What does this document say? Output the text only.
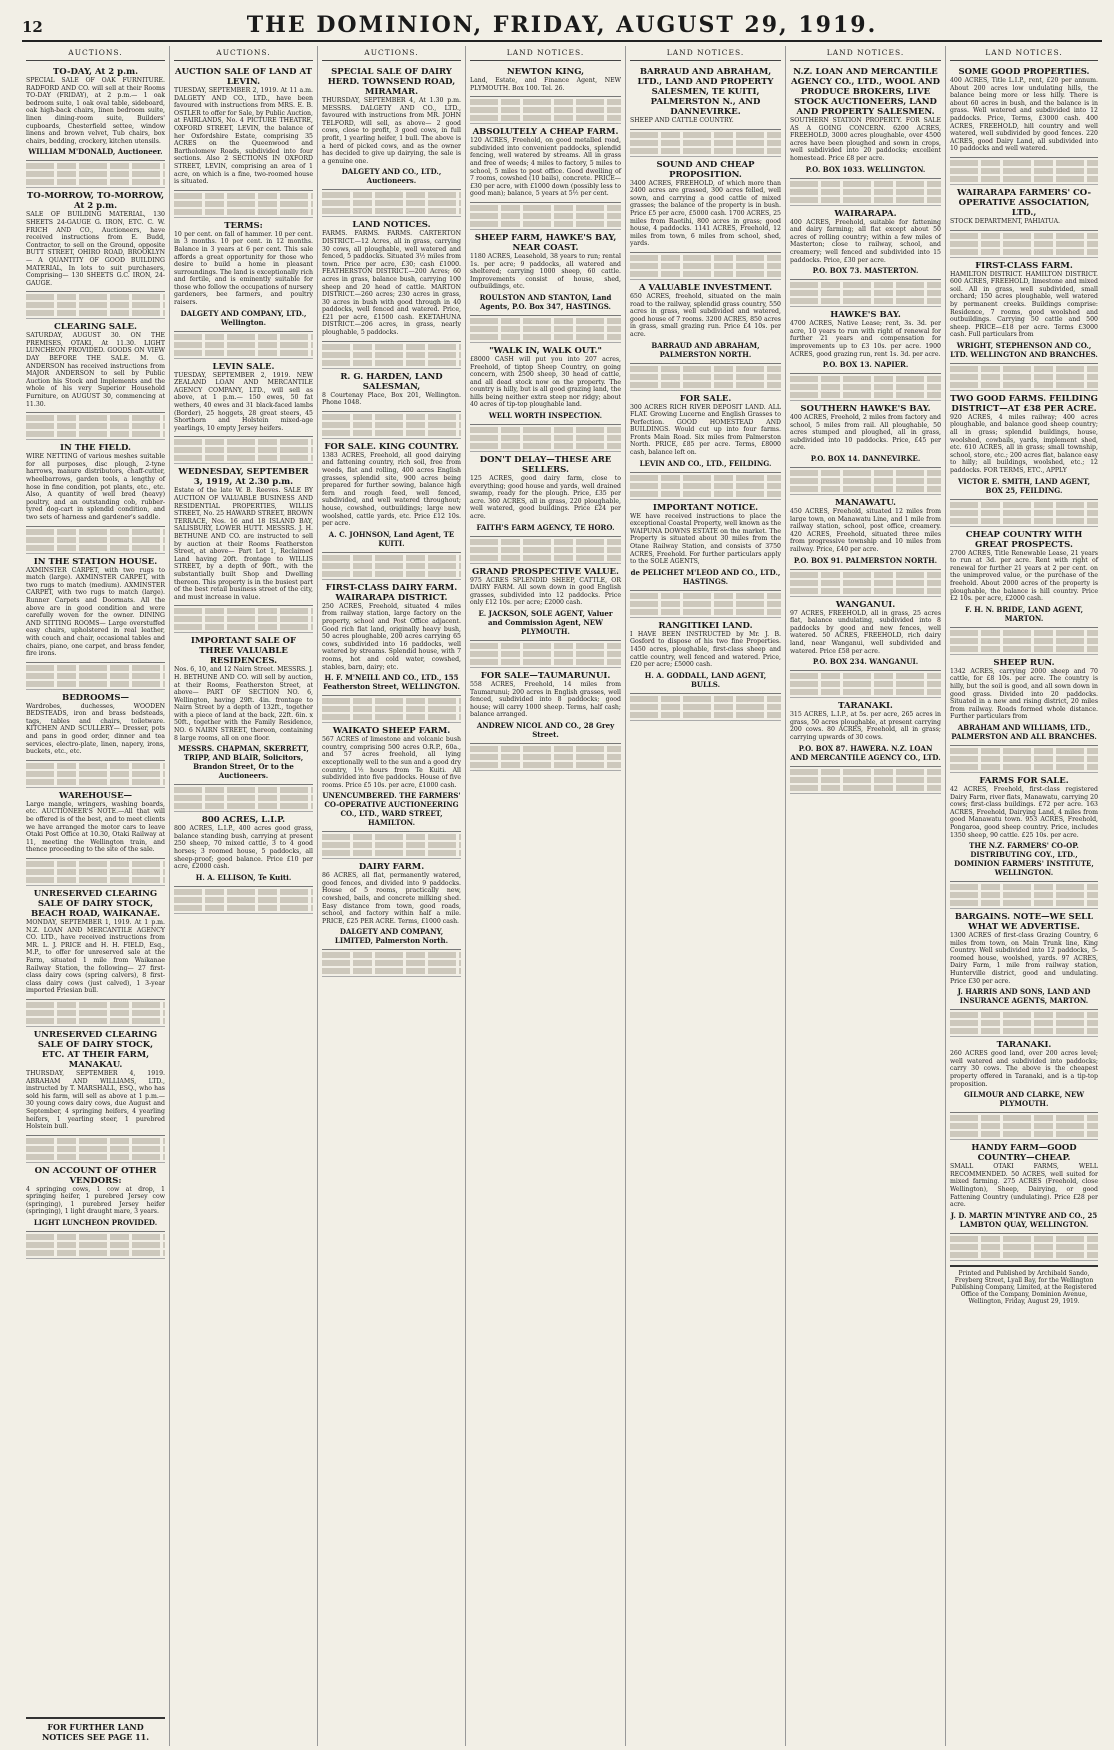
12	THE DOMINION, FRIDAY, AUGUST 29, 1919.
AUCTIONS.
TO-DAY, At 2 p.m.
SPECIAL SALE OF OAK FURNITURE. RADFORD AND CO. will sell at their Rooms TO-DAY (FRIDAY), at 2 p.m.— 1 oak bedroom suite, 1 oak oval table, sideboard, oak high-back chairs, linen bedroom suite, linen dining-room suite, Builders' cupboards, Chesterfield settee, window linens and brown velvet, Tub chairs, box chairs, bedding, crockery, kitchen utensils.
WILLIAM M'DONALD, Auctioneer.
TO-MORROW, TO-MORROW, At 2 p.m.
SALE OF BUILDING MATERIAL, 130 SHEETS 24-GAUGE G. IRON, ETC. C. W. FRICH AND CO., Auctioneers, have received instructions from E. Budd, Contractor, to sell on the Ground, opposite BUTT STREET, OHIRO ROAD, BROOKLYN— A QUANTITY OF GOOD BUILDING MATERIAL, In lots to suit purchasers, Comprising— 130 SHEETS G.C. IRON, 24-GAUGE.
CLEARING SALE.
SATURDAY, AUGUST 30. ON THE PREMISES, OTAKI, At 11.30. LIGHT LUNCHEON PROVIDED. GOODS ON VIEW DAY BEFORE THE SALE. M. G. ANDERSON has received instructions from MAJOR ANDERSON to sell by Public Auction his Stock and Implements and the whole of his very Superior Household Furniture, on AUGUST 30, commencing at 11.30.
IN THE FIELD.
WIRE NETTING of various meshes suitable for all purposes, disc plough, 2-tyne harrows, manure distributors, chaff-cutter, wheelbarrows, garden tools, a lengthy of hose in fine condition, pot plants, etc., etc. Also, A quantity of well bred (heavy) poultry, and an outstanding cob, rubber-tyred dog-cart in splendid condition, and two sets of harness and gardener's saddle.
IN THE STATION HOUSE.
AXMINSTER CARPET, with two rugs to match (large). AXMINSTER CARPET, with two rugs to match (medium). AXMINSTER CARPET, with two rugs to match (large). Runner Carpets and Doormats. All the above are in good condition and were carefully woven for the owner. DINING AND SITTING ROOMS— Large overstuffed easy chairs, upholstered in real leather, with couch and chair, occasional tables and chairs, piano, one carpet, and brass fender, fire irons.
BEDROOMS—
Wardrobes, duchesses, WOODEN BEDSTEADS, iron and brass bedsteads, tags, tables and chairs, toiletware. KITCHEN AND SCULLERY— Dresser, pots and pans in good order, dinner and tea services, electro-plate, linen, napery, irons, buckets, etc., etc.
WAREHOUSE—
Large mangle, wringers, washing boards, etc. AUCTIONEER'S NOTE.—All that will be offered is of the best, and to meet clients we have arranged the motor cars to leave Otaki Post Office at 10.30, Otaki Railway at 11, meeting the Wellington train, and thence proceeding to the site of the sale.
UNRESERVED CLEARING SALE OF DAIRY STOCK, BEACH ROAD, WAIKANAE.
MONDAY, SEPTEMBER 1, 1919. At 1 p.m. N.Z. LOAN AND MERCANTILE AGENCY CO. LTD., have received instructions from MR. L. J. PRICE and H. H. FIELD, Esq., M.P., to offer for unreserved sale at the Farm, situated 1 mile from Waikanae Railway Station, the following— 27 first-class dairy cows (spring calvers), 8 first-class dairy cows (just calved), 1 3-year imported Friesian bull.
UNRESERVED CLEARING SALE OF DAIRY STOCK, ETC. AT THEIR FARM, MANAKAU.
THURSDAY, SEPTEMBER 4, 1919. ABRAHAM AND WILLIAMS, LTD., instructed by T. MARSHALL, ESQ., who has sold his farm, will sell as above at 1 p.m.— 30 young cows dairy cows, due August and September, 4 springing heifers, 4 yearling heifers, 1 yearling steer, 1 purebred Holstein bull.
ON ACCOUNT OF OTHER VENDORS:
4 springing cows, 1 cow at drop, 1 springing heifer, 1 purebred Jersey cow (springing), 1 purebred Jersey heifer (springing), 1 light draught mare, 3 years.
LIGHT LUNCHEON PROVIDED.
FOR FURTHER LAND NOTICES SEE PAGE 11.
AUCTIONS.
AUCTION SALE OF LAND AT LEVIN.
TUESDAY, SEPTEMBER 2, 1919. At 11 a.m. DALGETY AND CO., LTD., have been favoured with instructions from MRS. E. B. OSTLER to offer for Sale, by Public Auction, at FAIRLANDS, No. 4 PICTURE THEATRE, OXFORD STREET, LEVIN, the balance of her Oxfordshire Estate, comprising 35 ACRES on the Queenwood and Bartholomew Roads, subdivided into four sections. Also 2 SECTIONS IN OXFORD STREET, LEVIN, comprising an area of 1 acre, on which is a fine, two-roomed house is situated.
TERMS:
10 per cent. on fall of hammer. 10 per cent. in 3 months. 10 per cent. in 12 months. Balance in 3 years at 6 per cent. This sale affords a great opportunity for those who desire to build a home in pleasant surroundings. The land is exceptionally rich and fertile, and is eminently suitable for those who follow the occupations of nursery gardeners, bee farmers, and poultry raisers.
DALGETY AND COMPANY, LTD., Wellington.
LEVIN SALE.
TUESDAY, SEPTEMBER 2, 1919. NEW ZEALAND LOAN AND MERCANTILE AGENCY COMPANY, LTD., will sell as above, at 1 p.m.— 150 ewes, 50 fat wethers, 40 ewes and 31 black-faced lambs (Border), 25 hoggets, 28 great steers, 45 Shorthorn and Holstein mixed-age yearlings, 10 empty Jersey heifers.
WEDNESDAY, SEPTEMBER 3, 1919, At 2.30 p.m.
Estate of the late W. B. Reeves. SALE BY AUCTION OF VALUABLE BUSINESS AND RESIDENTIAL PROPERTIES, WILLIS STREET, No. 25 HAWARD STREET, BROWN TERRACE, Nos. 16 and 18 ISLAND BAY, SALISBURY, LOWER HUTT. MESSRS. J. H. BETHUNE AND CO. are instructed to sell by auction at their Rooms Featherston Street, at above— Part Lot 1, Reclaimed Land having 20ft. frontage to WILLIS STREET, by a depth of 90ft., with the substantially built Shop and Dwelling thereon. This property is in the busiest part of the best retail business street of the city, and must increase in value.
IMPORTANT SALE OF THREE VALUABLE RESIDENCES.
Nos. 6, 10, and 12 Nairn Street. MESSRS. J. H. BETHUNE AND CO. will sell by auction, at their Rooms, Featherston Street, at above— PART OF SECTION NO. 6, Wellington, having 29ft. 4in. frontage to Nairn Street by a depth of 132ft., together with a piece of land at the back, 22ft. 6in. x 50ft., together with the Family Residence, NO. 6 NAIRN STREET, thereon, containing 8 large rooms, all on one floor.
MESSRS. CHAPMAN, SKERRETT, TRIPP, AND BLAIR, Solicitors, Brandon Street, Or to the Auctioneers.
800 ACRES, L.I.P.
800 ACRES, L.I.P., 400 acres good grass, balance standing bush, carrying at present 250 sheep, 70 mixed cattle, 3 to 4 good horses; 3 roomed house, 5 paddocks, all sheep-proof; good balance. Price £10 per acre, £2000 cash.
H. A. ELLISON, Te Kuiti.
AUCTIONS.
SPECIAL SALE OF DAIRY HERD. TOWNSEND ROAD, MIRAMAR.
THURSDAY, SEPTEMBER 4, At 1.30 p.m. MESSRS. DALGETY AND CO., LTD., favoured with instructions from MR. JOHN TELFORD, will sell, as above— 2 good cows, close to profit, 3 good cows, in full profit, 1 yearling heifer, 1 bull. The above is a herd of picked cows, and as the owner has decided to give up dairying, the sale is a genuine one.
DALGETY AND CO., LTD., Auctioneers.
LAND NOTICES.
FARMS. FARMS. FARMS. CARTERTON DISTRICT.—12 Acres, all in grass, carrying 30 cows, all ploughable, well watered and fenced, 5 paddocks. Situated 3½ miles from town. Price per acre, £30; cash £1000. FEATHERSTON DISTRICT.—200 Acres; 60 acres in grass, balance bush, carrying 100 sheep and 20 head of cattle. MARTON DISTRICT.—260 acres; 230 acres in grass, 30 acres in bush with good through in 40 paddocks, well fenced and watered. Price, £21 per acre, £1500 cash. EKETAHUNA DISTRICT.—206 acres, in grass, nearly ploughable, 5 paddocks.
R. G. HARDEN, LAND SALESMAN,
8 Courtenay Place, Box 201, Wellington. Phone 1048.
FOR SALE. KING COUNTRY.
1383 ACRES, Freehold, all good dairying and fattening country, rich soil, free from weeds, flat and rolling, 400 acres English grasses, splendid site, 900 acres being prepared for further sowing, balance high fern and rough feed, well fenced, subdivided, and well watered throughout; house, cowshed, outbuildings; large new woolshed, cattle yards, etc. Price £12 10s. per acre.
A. C. JOHNSON, Land Agent, TE KUITI.
FIRST-CLASS DAIRY FARM. WAIRARAPA DISTRICT.
250 ACRES, Freehold, situated 4 miles from railway station, large factory on the property, school and Post Office adjacent. Good rich flat land, originally heavy bush, 50 acres ploughable, 200 acres carrying 65 cows, subdivided into 16 paddocks, well watered by streams. Splendid house, with 7 rooms, hot and cold water, cowshed, stables, barn, dairy; etc.
H. F. M'NEILL AND CO., LTD., 155 Featherston Street, WELLINGTON.
WAIKATO SHEEP FARM.
567 ACRES of limestone and volcanic bush country, comprising 500 acres O.R.P., 60a., and 57 acres freehold, all lying exceptionally well to the sun and a good dry country, 1½ hours from Te Kuiti. All subdivided into five paddocks. House of five rooms. Price £5 10s. per acre, £1000 cash.
UNENCUMBERED. THE FARMERS' CO-OPERATIVE AUCTIONEERING CO., LTD., WARD STREET, HAMILTON.
DAIRY FARM.
86 ACRES, all flat, permanently watered, good fences, and divided into 9 paddocks. House of 5 rooms, practically new, cowshed, bails, and concrete milking shed. Easy distance from town, good roads, school, and factory within half a mile. PRICE, £25 PER ACRE. Terms, £1000 cash.
DALGETY AND COMPANY, LIMITED, Palmerston North.
LAND NOTICES.
NEWTON KING,
Land, Estate, and Finance Agent, NEW PLYMOUTH. Box 100. Tel. 26.
ABSOLUTELY A CHEAP FARM.
120 ACRES, Freehold, on good metalled road, subdivided into convenient paddocks, splendid fencing, well watered by streams. All in grass and free of weeds; 4 miles to factory, 5 miles to school, 5 miles to post office. Good dwelling of 7 rooms, cowshed (10 bails), concrete. PRICE—£30 per acre, with £1000 down (possibly less to good man); balance, 5 years at 5½ per cent.
SHEEP FARM, HAWKE'S BAY, NEAR COAST.
1180 ACRES, Leasehold, 38 years to run; rental 1s. per acre; 9 paddocks, all watered and sheltered; carrying 1000 sheep, 60 cattle. Improvements consist of house, shed, outbuildings, etc.
ROULSTON AND STANTON, Land Agents, P.O. Box 347, HASTINGS.
"WALK IN, WALK OUT."
£8000 CASH will put you into 207 acres, Freehold, of tiptop Sheep Country, on going concern, with 2500 sheep, 30 head of cattle, and all dead stock now on the property. The country is hilly, but is all good grazing land, the hills being neither extra steep nor ridgy; about 40 acres of tip-top ploughable land.
WELL WORTH INSPECTION.
DON'T DELAY—THESE ARE SELLERS.
125 ACRES, good dairy farm, close to everything; good house and yards, well drained swamp, ready for the plough. Price, £35 per acre. 360 ACRES, all in grass, 220 ploughable, well watered, good buildings. Price £24 per acre.
FAITH'S FARM AGENCY, TE HORO.
GRAND PROSPECTIVE VALUE.
975 ACRES SPLENDID SHEEP, CATTLE, OR DAIRY FARM. All sown down in good English grasses, subdivided into 12 paddocks. Price only £12 10s. per acre; £2000 cash.
E. JACKSON, SOLE AGENT, Valuer and Commission Agent, NEW PLYMOUTH.
FOR SALE—TAUMARUNUI.
558 ACRES, Freehold, 14 miles from Taumarunui; 200 acres in English grasses, well fenced, subdivided into 8 paddocks; good house; will carry 1000 sheep. Terms, half cash; balance arranged.
ANDREW NICOL AND CO., 28 Grey Street.
LAND NOTICES.
BARRAUD AND ABRAHAM, LTD., LAND AND PROPERTY SALESMEN, TE KUITI, PALMERSTON N., AND DANNEVIRKE.
SHEEP AND CATTLE COUNTRY.
SOUND AND CHEAP PROPOSITION.
3400 ACRES, FREEHOLD, of which more than 2400 acres are grassed, 300 acres felled, well sown, and carrying a good cattle of mixed grasses; the balance of the property is in bush. Price £5 per acre, £5000 cash. 1700 ACRES, 25 miles from Raetihi, 800 acres in grass; good house, 4 paddocks. 1141 ACRES, Freehold, 12 miles from town, 6 miles from school, shed, yards.
A VALUABLE INVESTMENT.
650 ACRES, freehold, situated on the main road to the railway, splendid grass country, 550 acres in grass, well subdivided and watered, good house of 7 rooms. 3200 ACRES, 850 acres in grass, small grazing run. Price £4 10s. per acre.
BARRAUD AND ABRAHAM, PALMERSTON NORTH.
FOR SALE.
300 ACRES RICH RIVER DEPOSIT LAND. ALL FLAT. Growing Lucerne and English Grasses to Perfection. GOOD HOMESTEAD AND BUILDINGS. Would cut up into four farms. Fronts Main Road. Six miles from Palmerston North. PRICE, £85 per acre. Terms, £8000 cash, balance left on.
LEVIN AND CO., LTD., FEILDING.
IMPORTANT NOTICE.
WE have received instructions to place the exceptional Coastal Property, well known as the WAIPUNA DOWNS ESTATE on the market. The Property is situated about 30 miles from the Otane Railway Station, and consists of 3750 ACRES, Freehold. For further particulars apply to the SOLE AGENTS,
de PELICHET M'LEOD AND CO., LTD., HASTINGS.
RANGITIKEI LAND.
I HAVE BEEN INSTRUCTED by Mr. J. B. Gosford to dispose of his two fine Properties. 1450 acres, ploughable, first-class sheep and cattle country, well fenced and watered. Price, £20 per acre; £5000 cash.
H. A. GODDALL, LAND AGENT, BULLS.
LAND NOTICES.
N.Z. LOAN AND MERCANTILE AGENCY CO., LTD., WOOL AND PRODUCE BROKERS, LIVE STOCK AUCTIONEERS, LAND AND PROPERTY SALESMEN.
SOUTHERN STATION PROPERTY. FOR SALE AS A GOING CONCERN. 6200 ACRES, FREEHOLD, 3000 acres ploughable, over 4500 acres have been ploughed and sown in crops, well subdivided into 20 paddocks; excellent homestead. Price £8 per acre.
P.O. BOX 1033. WELLINGTON.
WAIRARAPA.
400 ACRES, Freehold, suitable for fattening and dairy farming; all flat except about 50 acres of rolling country; within a few miles of Masterton; close to railway, school, and creamery; well fenced and subdivided into 15 paddocks. Price, £30 per acre.
P.O. BOX 73. MASTERTON.
HAWKE'S BAY.
4700 ACRES, Native Lease; rent, 3s. 3d. per acre, 10 years to run with right of renewal for further 21 years and compensation for improvements up to £3 10s. per acre. 1900 ACRES, good grazing run, rent 1s. 3d. per acre.
P.O. BOX 13. NAPIER.
SOUTHERN HAWKE'S BAY.
400 ACRES, Freehold, 2 miles from factory and school, 5 miles from rail. All ploughable, 50 acres stumped and ploughed, all in grass, subdivided into 10 paddocks. Price, £45 per acre.
P.O. BOX 14. DANNEVIRKE.
MANAWATU.
450 ACRES, Freehold, situated 12 miles from large town, on Manawatu Line, and 1 mile from railway station, school, post office, creamery. 420 ACRES, Freehold, situated three miles from progressive township and 10 miles from railway. Price, £40 per acre.
P.O. BOX 91. PALMERSTON NORTH.
WANGANUI.
97 ACRES, FREEHOLD, all in grass, 25 acres flat, balance undulating, subdivided into 8 paddocks by good and new fences, well watered. 50 ACRES, FREEHOLD, rich dairy land, near Wanganui, well subdivided and watered. Price £58 per acre.
P.O. BOX 234. WANGANUI.
TARANAKI.
315 ACRES, L.I.P., at 5s. per acre, 265 acres in grass, 50 acres ploughable, at present carrying 200 cows. 80 ACRES, Freehold, all in grass; carrying upwards of 30 cows.
P.O. BOX 87. HAWERA. N.Z. LOAN AND MERCANTILE AGENCY CO., LTD.
LAND NOTICES.
SOME GOOD PROPERTIES.
400 ACRES, Title L.I.P., rent, £20 per annum. About 200 acres low undulating hills, the balance being more or less hilly. There is about 60 acres in bush, and the balance is in grass. Well watered and subdivided into 12 paddocks. Price, Terms, £3000 cash. 400 ACRES, FREEHOLD, hill country and well watered, well subdivided by good fences. 220 ACRES, good Dairy Land, all subdivided into 10 paddocks and well watered.
WAIRARAPA FARMERS' CO-OPERATIVE ASSOCIATION, LTD.,
STOCK DEPARTMENT, PAHIATUA.
FIRST-CLASS FARM.
HAMILTON DISTRICT. HAMILTON DISTRICT. 600 ACRES, FREEHOLD, limestone and mixed soil. All in grass, well subdivided, small orchard; 150 acres ploughable, well watered by permanent creeks. Buildings comprise: Residence, 7 rooms, good woolshed and outbuildings. Carrying 50 cattle and 500 sheep. PRICE—£18 per acre. Terms £3000 cash. Full particulars from
WRIGHT, STEPHENSON AND CO., LTD. WELLINGTON AND BRANCHES.
TWO GOOD FARMS. FEILDING DISTRICT—AT £38 PER ACRE.
920 ACRES, 4 miles railway; 400 acres ploughable, and balance good sheep country; all in grass; splendid buildings, house, woolshed, cowbails, yards, implement shed, etc. 610 ACRES, all in grass; small township, school, store, etc.; 200 acres flat, balance easy to hilly; all buildings, woolshed, etc.; 12 paddocks. FOR TERMS, ETC., APPLY
VICTOR E. SMITH, LAND AGENT, BOX 25, FEILDING.
CHEAP COUNTRY WITH GREAT PROSPECTS.
2700 ACRES, Title Renewable Lease, 21 years to run at 3d. per acre. Rent with right of renewal for further 21 years at 2 per cent. on the unimproved value, or the purchase of the freehold. About 2000 acres of the property is ploughable, the balance is hill country. Price £2 10s. per acre, £2000 cash.
F. H. N. BRIDE, LAND AGENT, MARTON.
SHEEP RUN.
1342 ACRES, carrying 2000 sheep and 70 cattle, for £8 10s. per acre. The country is hilly, but the soil is good, and all sown down in good grass. Divided into 20 paddocks. Situated in a new and rising district, 20 miles from railway. Roads formed whole distance. Further particulars from
ABRAHAM AND WILLIAMS, LTD., PALMERSTON AND ALL BRANCHES.
FARMS FOR SALE.
42 ACRES, Freehold, first-class registered Dairy Farm, river flats, Manawatu, carrying 20 cows; first-class buildings. £72 per acre. 163 ACRES, Freehold, Dairying Land, 4 miles from good Manawatu town. 953 ACRES, Freehold, Pongaroa, good sheep country. Price, includes 1350 sheep, 90 cattle. £25 10s. per acre.
THE N.Z. FARMERS' CO-OP. DISTRIBUTING COY., LTD., DOMINION FARMERS' INSTITUTE, WELLINGTON.
BARGAINS. NOTE—WE SELL WHAT WE ADVERTISE.
1300 ACRES of first-class Grazing Country, 6 miles from town, on Main Trunk line, King Country. Well subdivided into 12 paddocks, 5-roomed house, woolshed, yards. 97 ACRES, Dairy Farm, 1 mile from railway station, Hunterville district, good and undulating. Price £30 per acre.
J. HARRIS AND SONS, LAND AND INSURANCE AGENTS, MARTON.
TARANAKI.
260 ACRES good land, over 200 acres level; well watered and subdivided into paddocks; carry 30 cows. The above is the cheapest property offered in Taranaki, and is a tip-top proposition.
GILMOUR AND CLARKE, NEW PLYMOUTH.
HANDY FARM—GOOD COUNTRY—CHEAP.
SMALL OTAKI FARMS, WELL RECOMMENDED. 50 ACRES, well suited for mixed farming. 275 ACRES (Freehold, close Wellington), Sheep, Dairying, or good Fattening Country (undulating). Price £28 per acre.
J. D. MARTIN M'INTYRE AND CO., 25 LAMBTON QUAY, WELLINGTON.
Printed and Published by Archibald Sando, Freyberg Street, Lyall Bay, for the Wellington Publishing Company, Limited, at the Registered Office of the Company, Dominion Avenue, Wellington, Friday, August 29, 1919.
